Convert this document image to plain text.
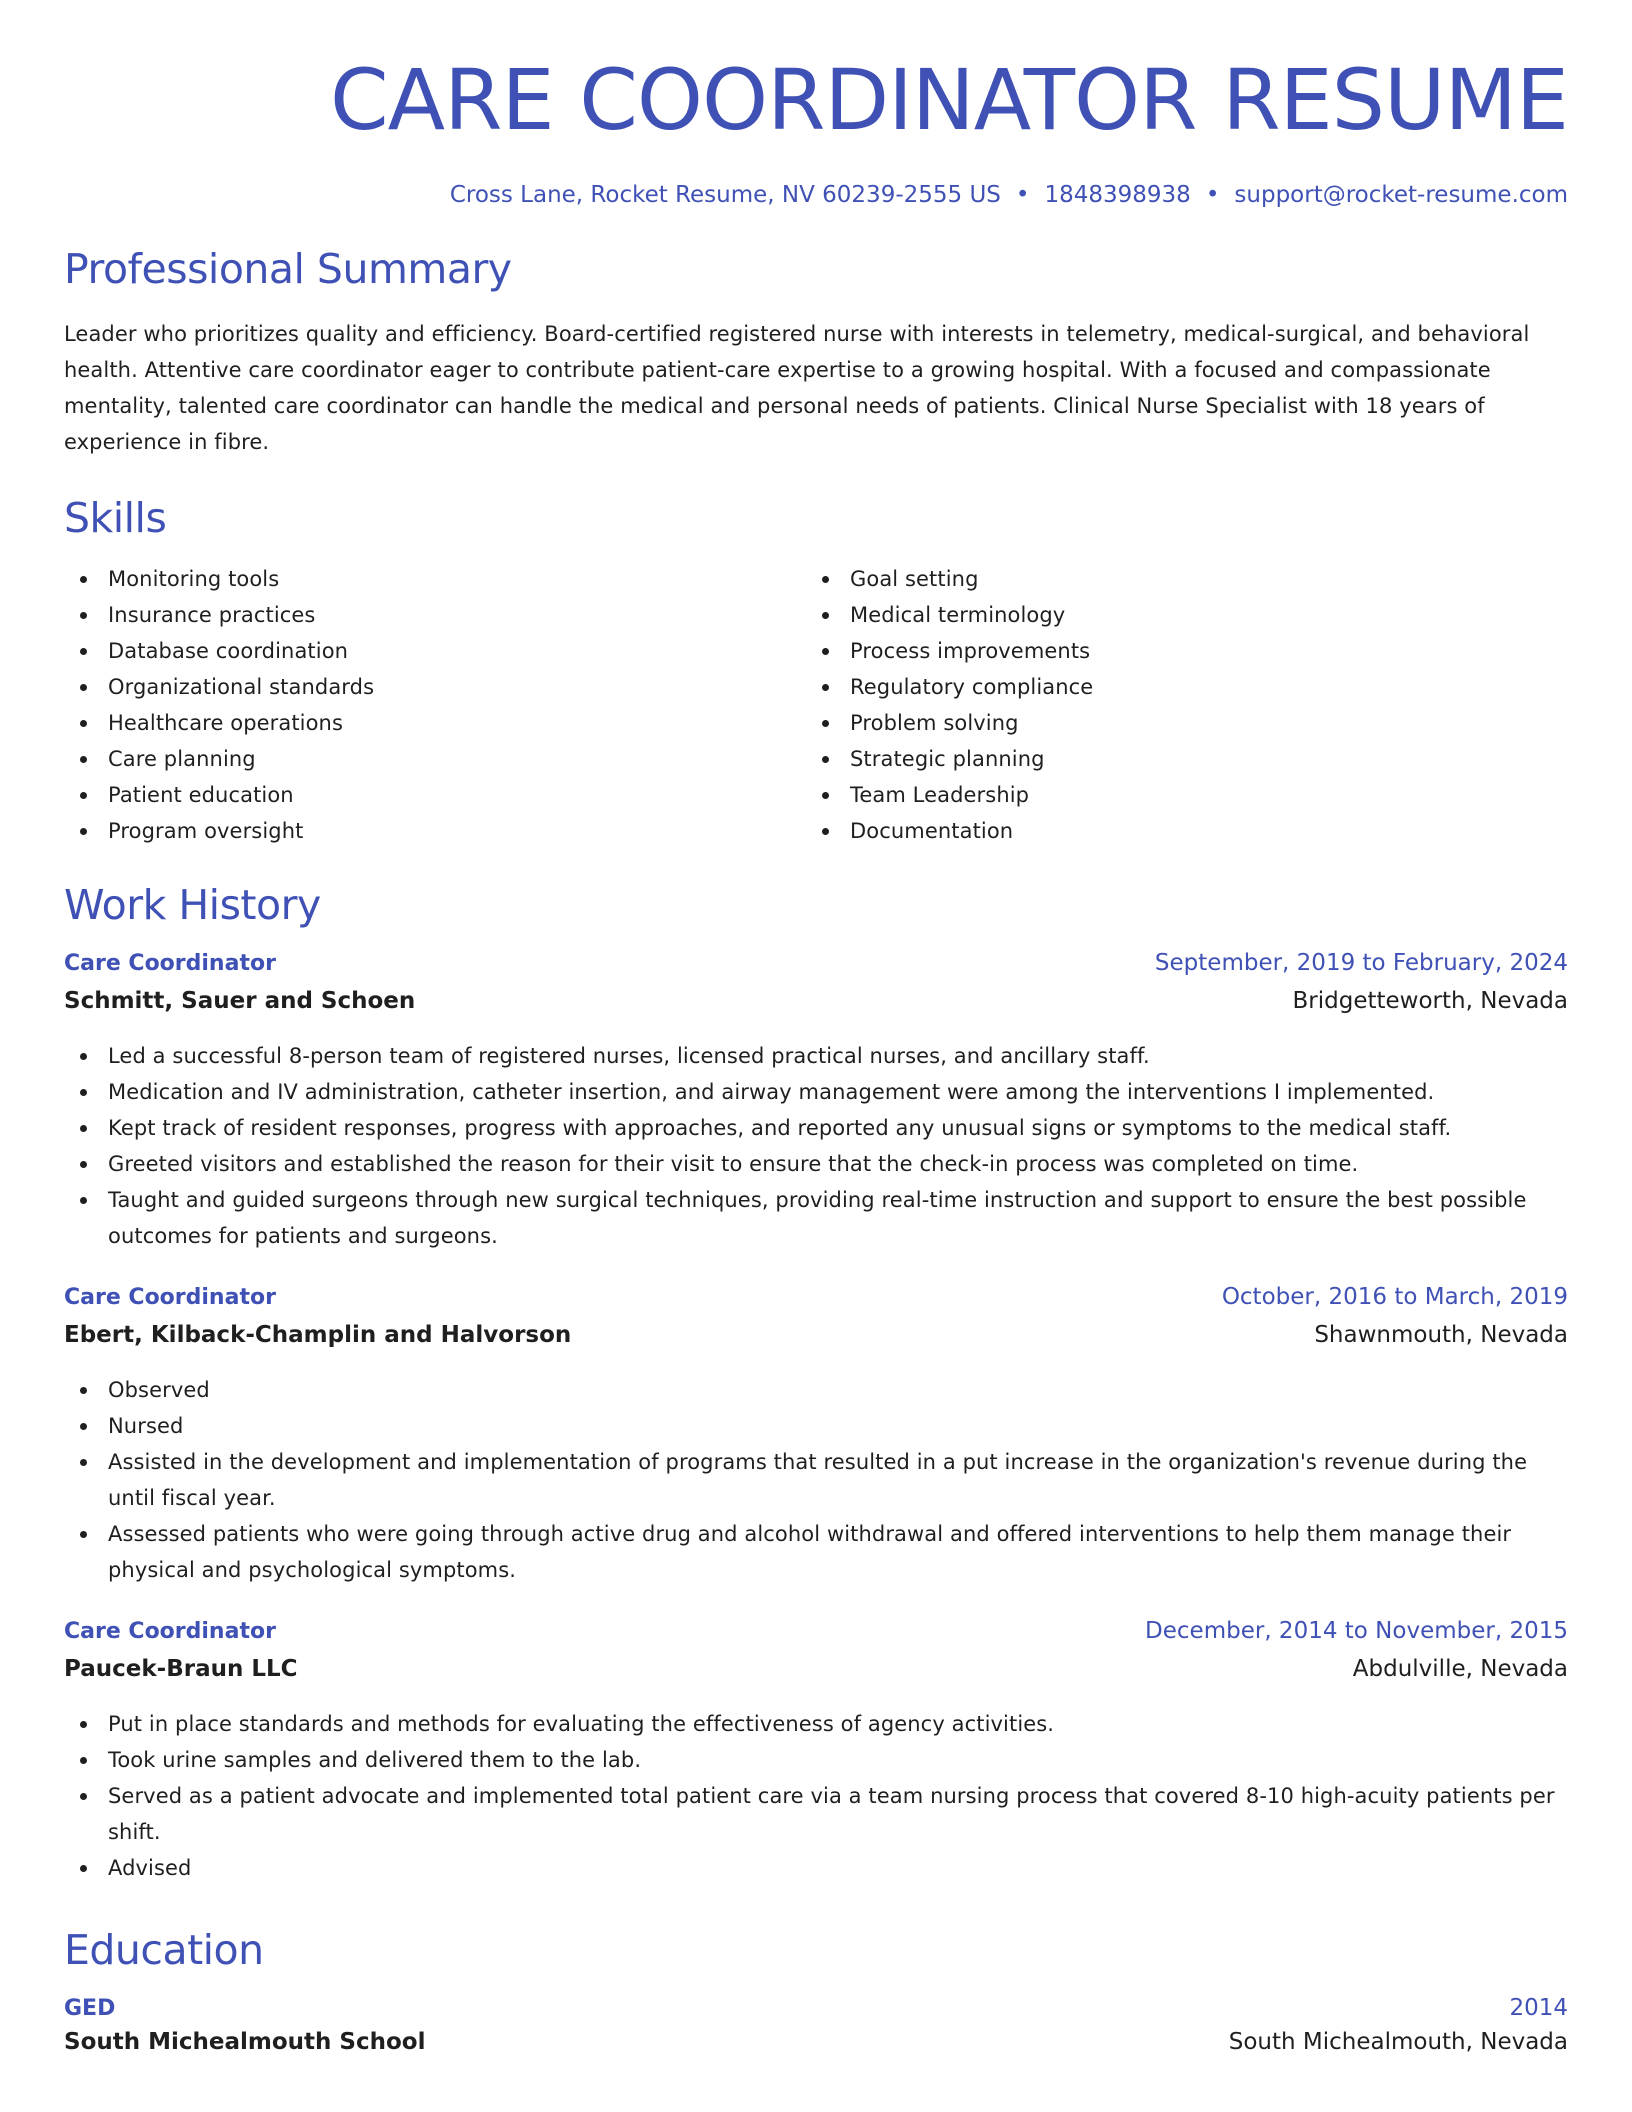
CARE COORDINATOR RESUME
Cross Lane, Rocket Resume, NV 60239-2555 US • 1848398938 • support@rocket-resume.com
Professional Summary
Leader who prioritizes quality and efficiency. Board-certified registered nurse with interests in telemetry, medical-surgical, and behavioral health. Attentive care coordinator eager to contribute patient-care expertise to a growing hospital. With a focused and compassionate mentality, talented care coordinator can handle the medical and personal needs of patients. Clinical Nurse Specialist with 18 years of experience in fibre.
Skills
Monitoring tools
Insurance practices
Database coordination
Organizational standards
Healthcare operations
Care planning
Patient education
Program oversight
Goal setting
Medical terminology
Process improvements
Regulatory compliance
Problem solving
Strategic planning
Team Leadership
Documentation
Work History
Care Coordinator	September, 2019 to February, 2024
Schmitt, Sauer and Schoen	Bridgetteworth, Nevada
Led a successful 8-person team of registered nurses, licensed practical nurses, and ancillary staff.
Medication and IV administration, catheter insertion, and airway management were among the interventions I implemented.
Kept track of resident responses, progress with approaches, and reported any unusual signs or symptoms to the medical staff.
Greeted visitors and established the reason for their visit to ensure that the check-in process was completed on time.
Taught and guided surgeons through new surgical techniques, providing real-time instruction and support to ensure the best possible outcomes for patients and surgeons.
Care Coordinator	October, 2016 to March, 2019
Ebert, Kilback-Champlin and Halvorson	Shawnmouth, Nevada
Observed
Nursed
Assisted in the development and implementation of programs that resulted in a put increase in the organization's revenue during the until fiscal year.
Assessed patients who were going through active drug and alcohol withdrawal and offered interventions to help them manage their physical and psychological symptoms.
Care Coordinator	December, 2014 to November, 2015
Paucek-Braun LLC	Abdulville, Nevada
Put in place standards and methods for evaluating the effectiveness of agency activities.
Took urine samples and delivered them to the lab.
Served as a patient advocate and implemented total patient care via a team nursing process that covered 8-10 high-acuity patients per shift.
Advised
Education
GED	2014
South Michealmouth School	South Michealmouth, Nevada
